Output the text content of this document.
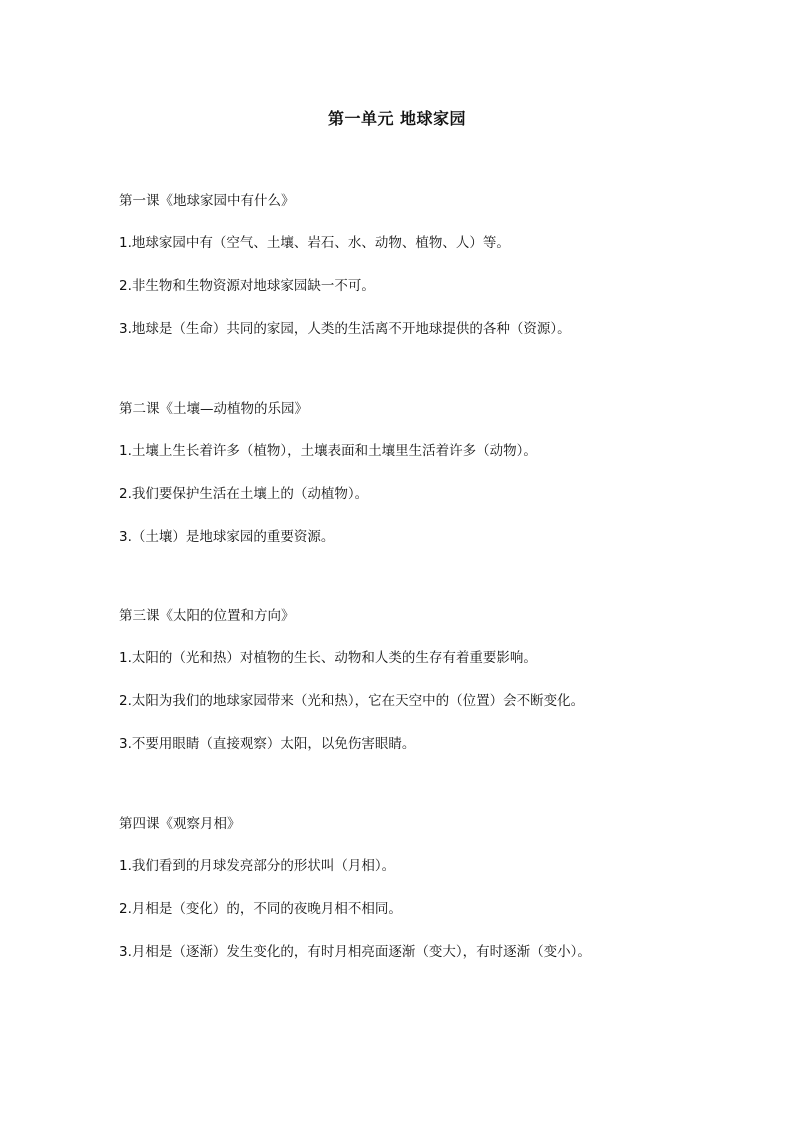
第一单元 地球家园
第一课《地球家园中有什么》
1.地球家园中有（空气、土壤、岩石、水、动物、植物、人）等。
2.非生物和生物资源对地球家园缺一不可。
3.地球是（生命）共同的家园，人类的生活离不开地球提供的各种（资源）。
第二课《土壤—动植物的乐园》
1.土壤上生长着许多（植物），土壤表面和土壤里生活着许多（动物）。
2.我们要保护生活在土壤上的（动植物）。
3.（土壤）是地球家园的重要资源。
第三课《太阳的位置和方向》
1.太阳的（光和热）对植物的生长、动物和人类的生存有着重要影响。
2.太阳为我们的地球家园带来（光和热），它在天空中的（位置）会不断变化。
3.不要用眼睛（直接观察）太阳，以免伤害眼睛。
第四课《观察月相》
1.我们看到的月球发亮部分的形状叫（月相）。
2.月相是（变化）的，不同的夜晚月相不相同。
3.月相是（逐渐）发生变化的，有时月相亮面逐渐（变大），有时逐渐（变小）。
